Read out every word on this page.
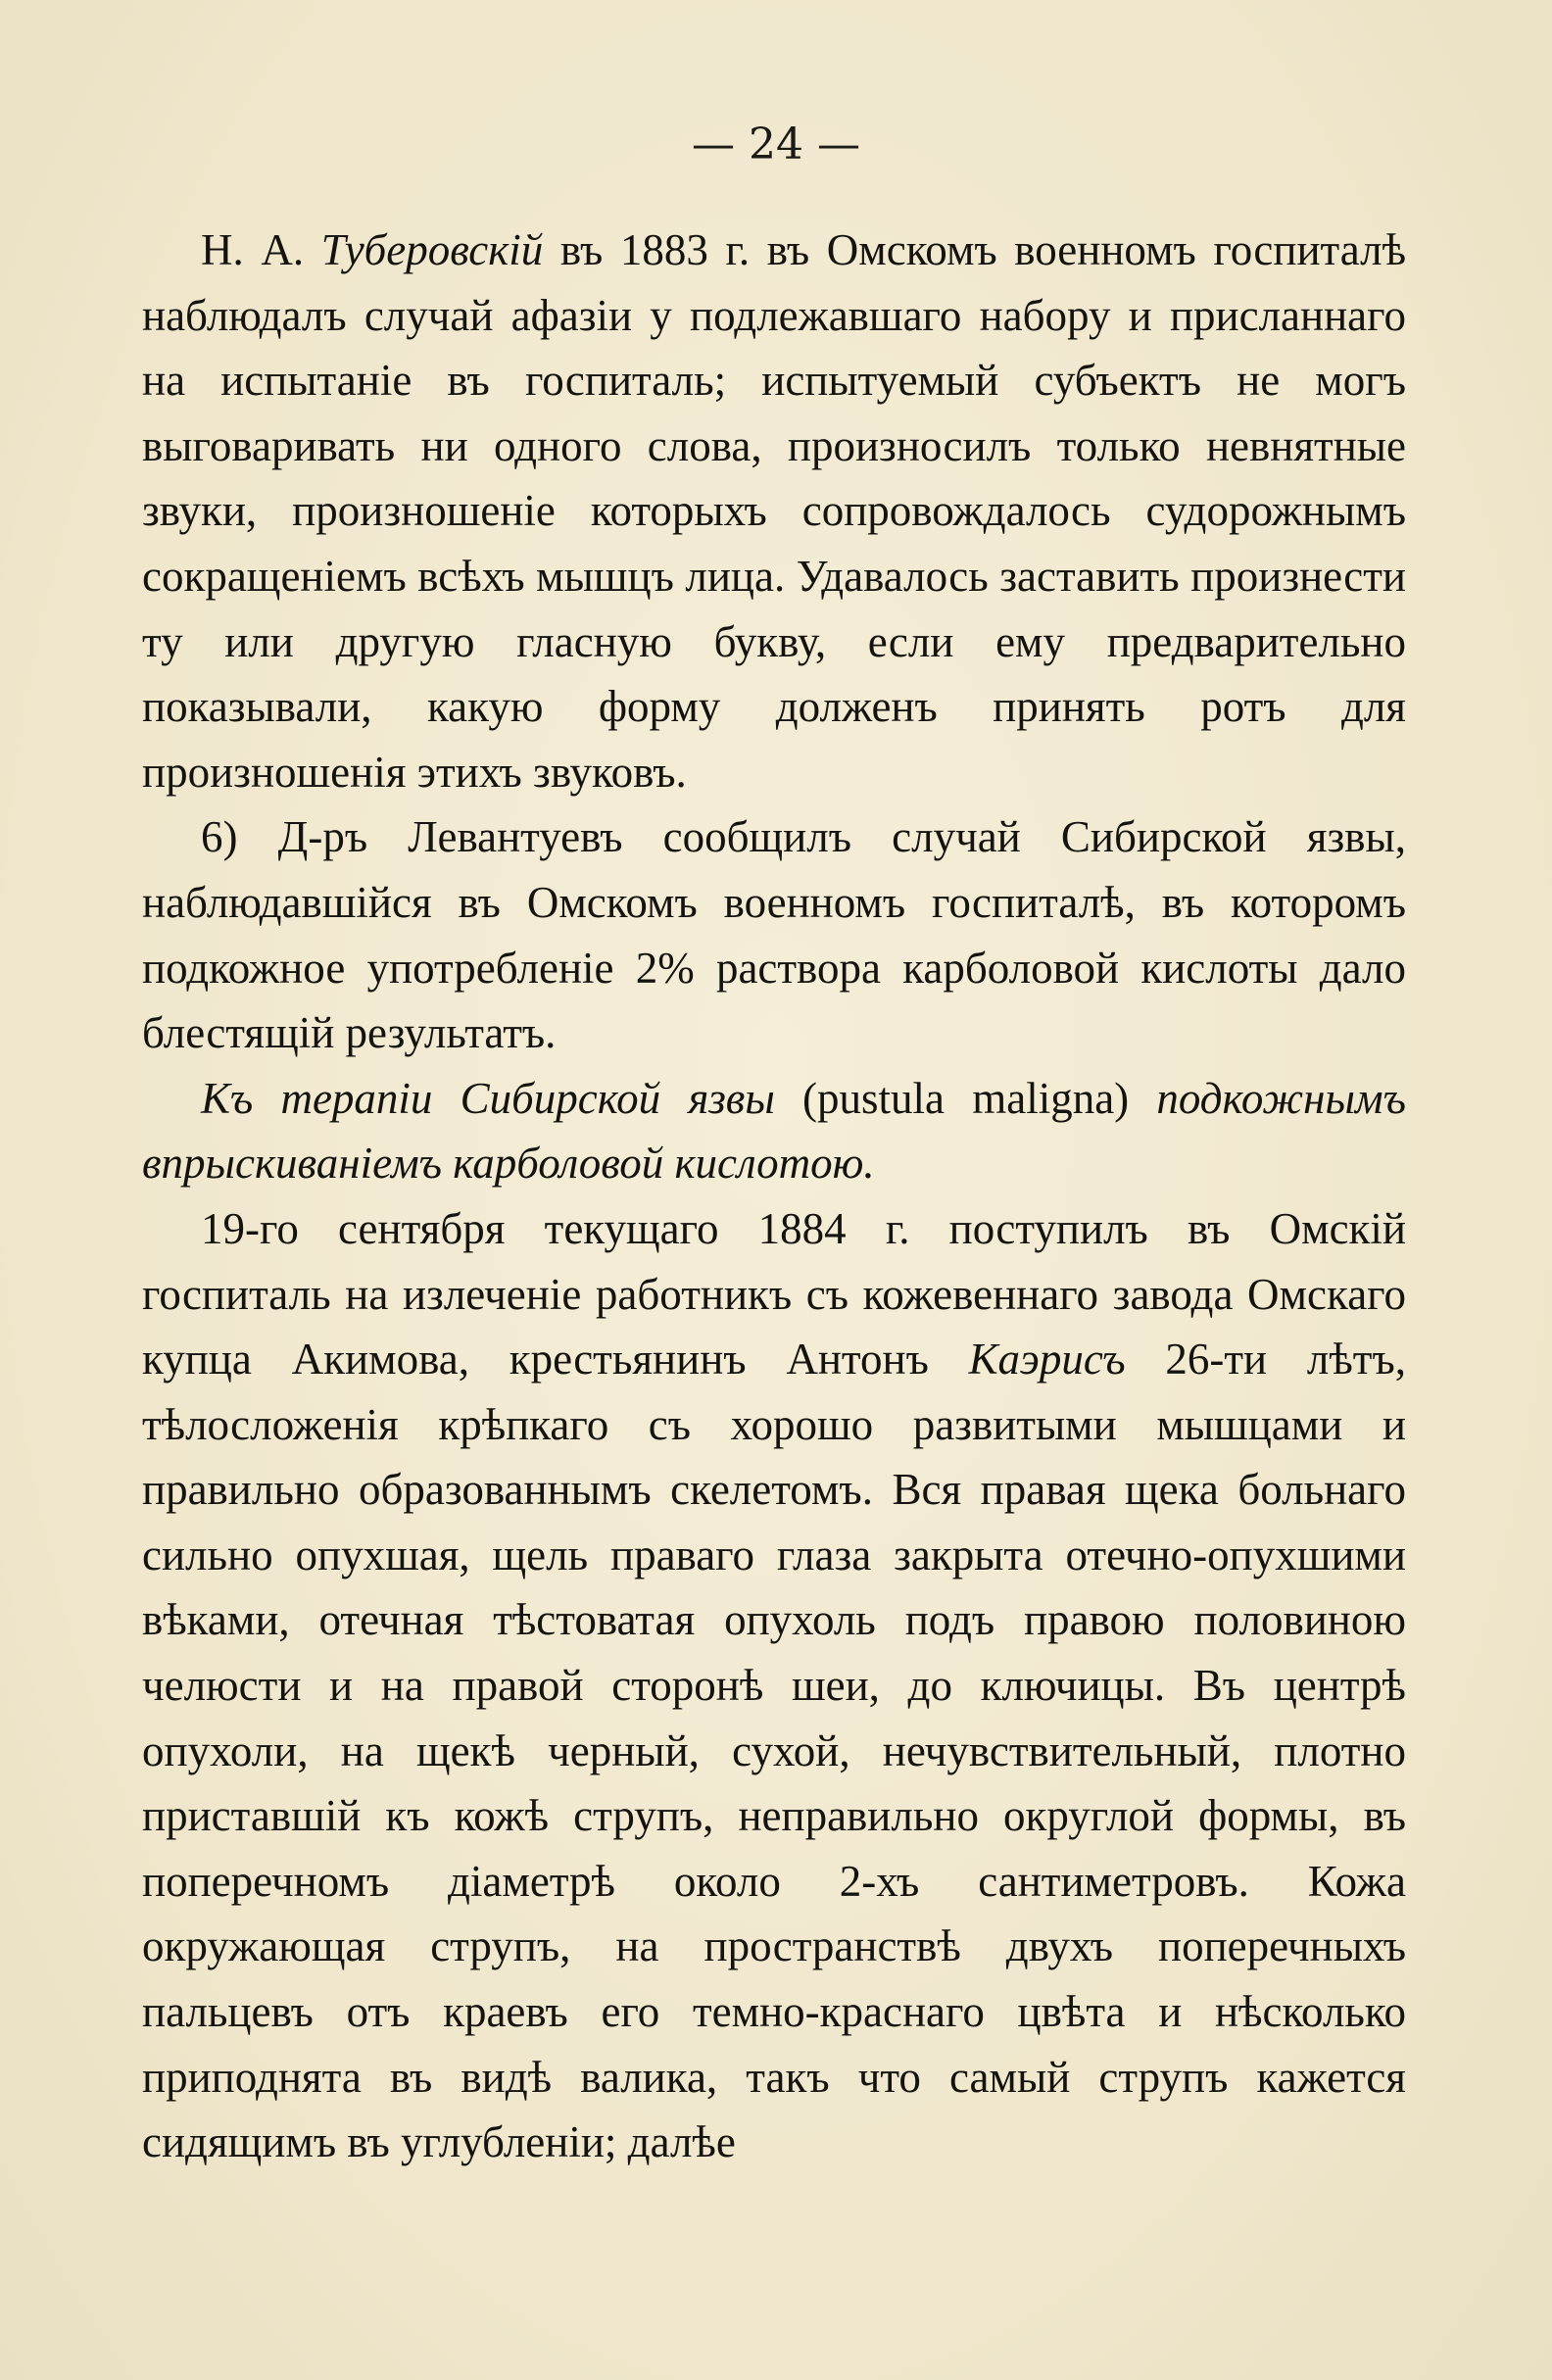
— 24 —

Н. А. Туберовскій въ 1883 г. въ Омскомъ военномъ госпиталѣ наблюдалъ случай афазіи у подлежавшаго набору и присланнаго на испытаніе въ госпиталь; испытуемый субъектъ не могъ выговаривать ни одного слова, произносилъ только невнятные звуки, произношеніе которыхъ сопровождалось судорожнымъ сокращеніемъ всѣхъ мышцъ лица. Удавалось заставить произнести ту или другую гласную букву, если ему предварительно показывали, какую форму долженъ принять ротъ для произношенія этихъ звуковъ.

6) Д-ръ Левантуевъ сообщилъ случай Сибирской язвы, наблюдавшійся въ Омскомъ военномъ госпиталѣ, въ которомъ подкожное употребленіе 2% раствора карболовой кислоты дало блестящій результатъ.

Къ терапіи Сибирской язвы (pustula maligna) подкожнымъ впрыскиваніемъ карболовой кислотою.

19-го сентября текущаго 1884 г. поступилъ въ Омскій госпиталь на излеченіе работникъ съ кожевеннаго завода Омскаго купца Акимова, крестьянинъ Антонъ Каэрисъ 26-ти лѣтъ, тѣлосложенія крѣпкаго съ хорошо развитыми мышцами и правильно образованнымъ скелетомъ. Вся правая щека больнаго сильно опухшая, щель праваго глаза закрыта отечно-опухшими вѣками, отечная тѣстоватая опухоль подъ правою половиною челюсти и на правой сторонѣ шеи, до ключицы. Въ центрѣ опухоли, на щекѣ черный, сухой, нечувствительный, плотно приставшій къ кожѣ струпъ, неправильно округлой формы, въ поперечномъ діаметрѣ около 2-хъ сантиметровъ. Кожа окружающая струпъ, на пространствѣ двухъ поперечныхъ пальцевъ отъ краевъ его темно-краснаго цвѣта и нѣсколько приподнята въ видѣ валика, такъ что самый струпъ кажется сидящимъ въ углубленіи; далѣе
